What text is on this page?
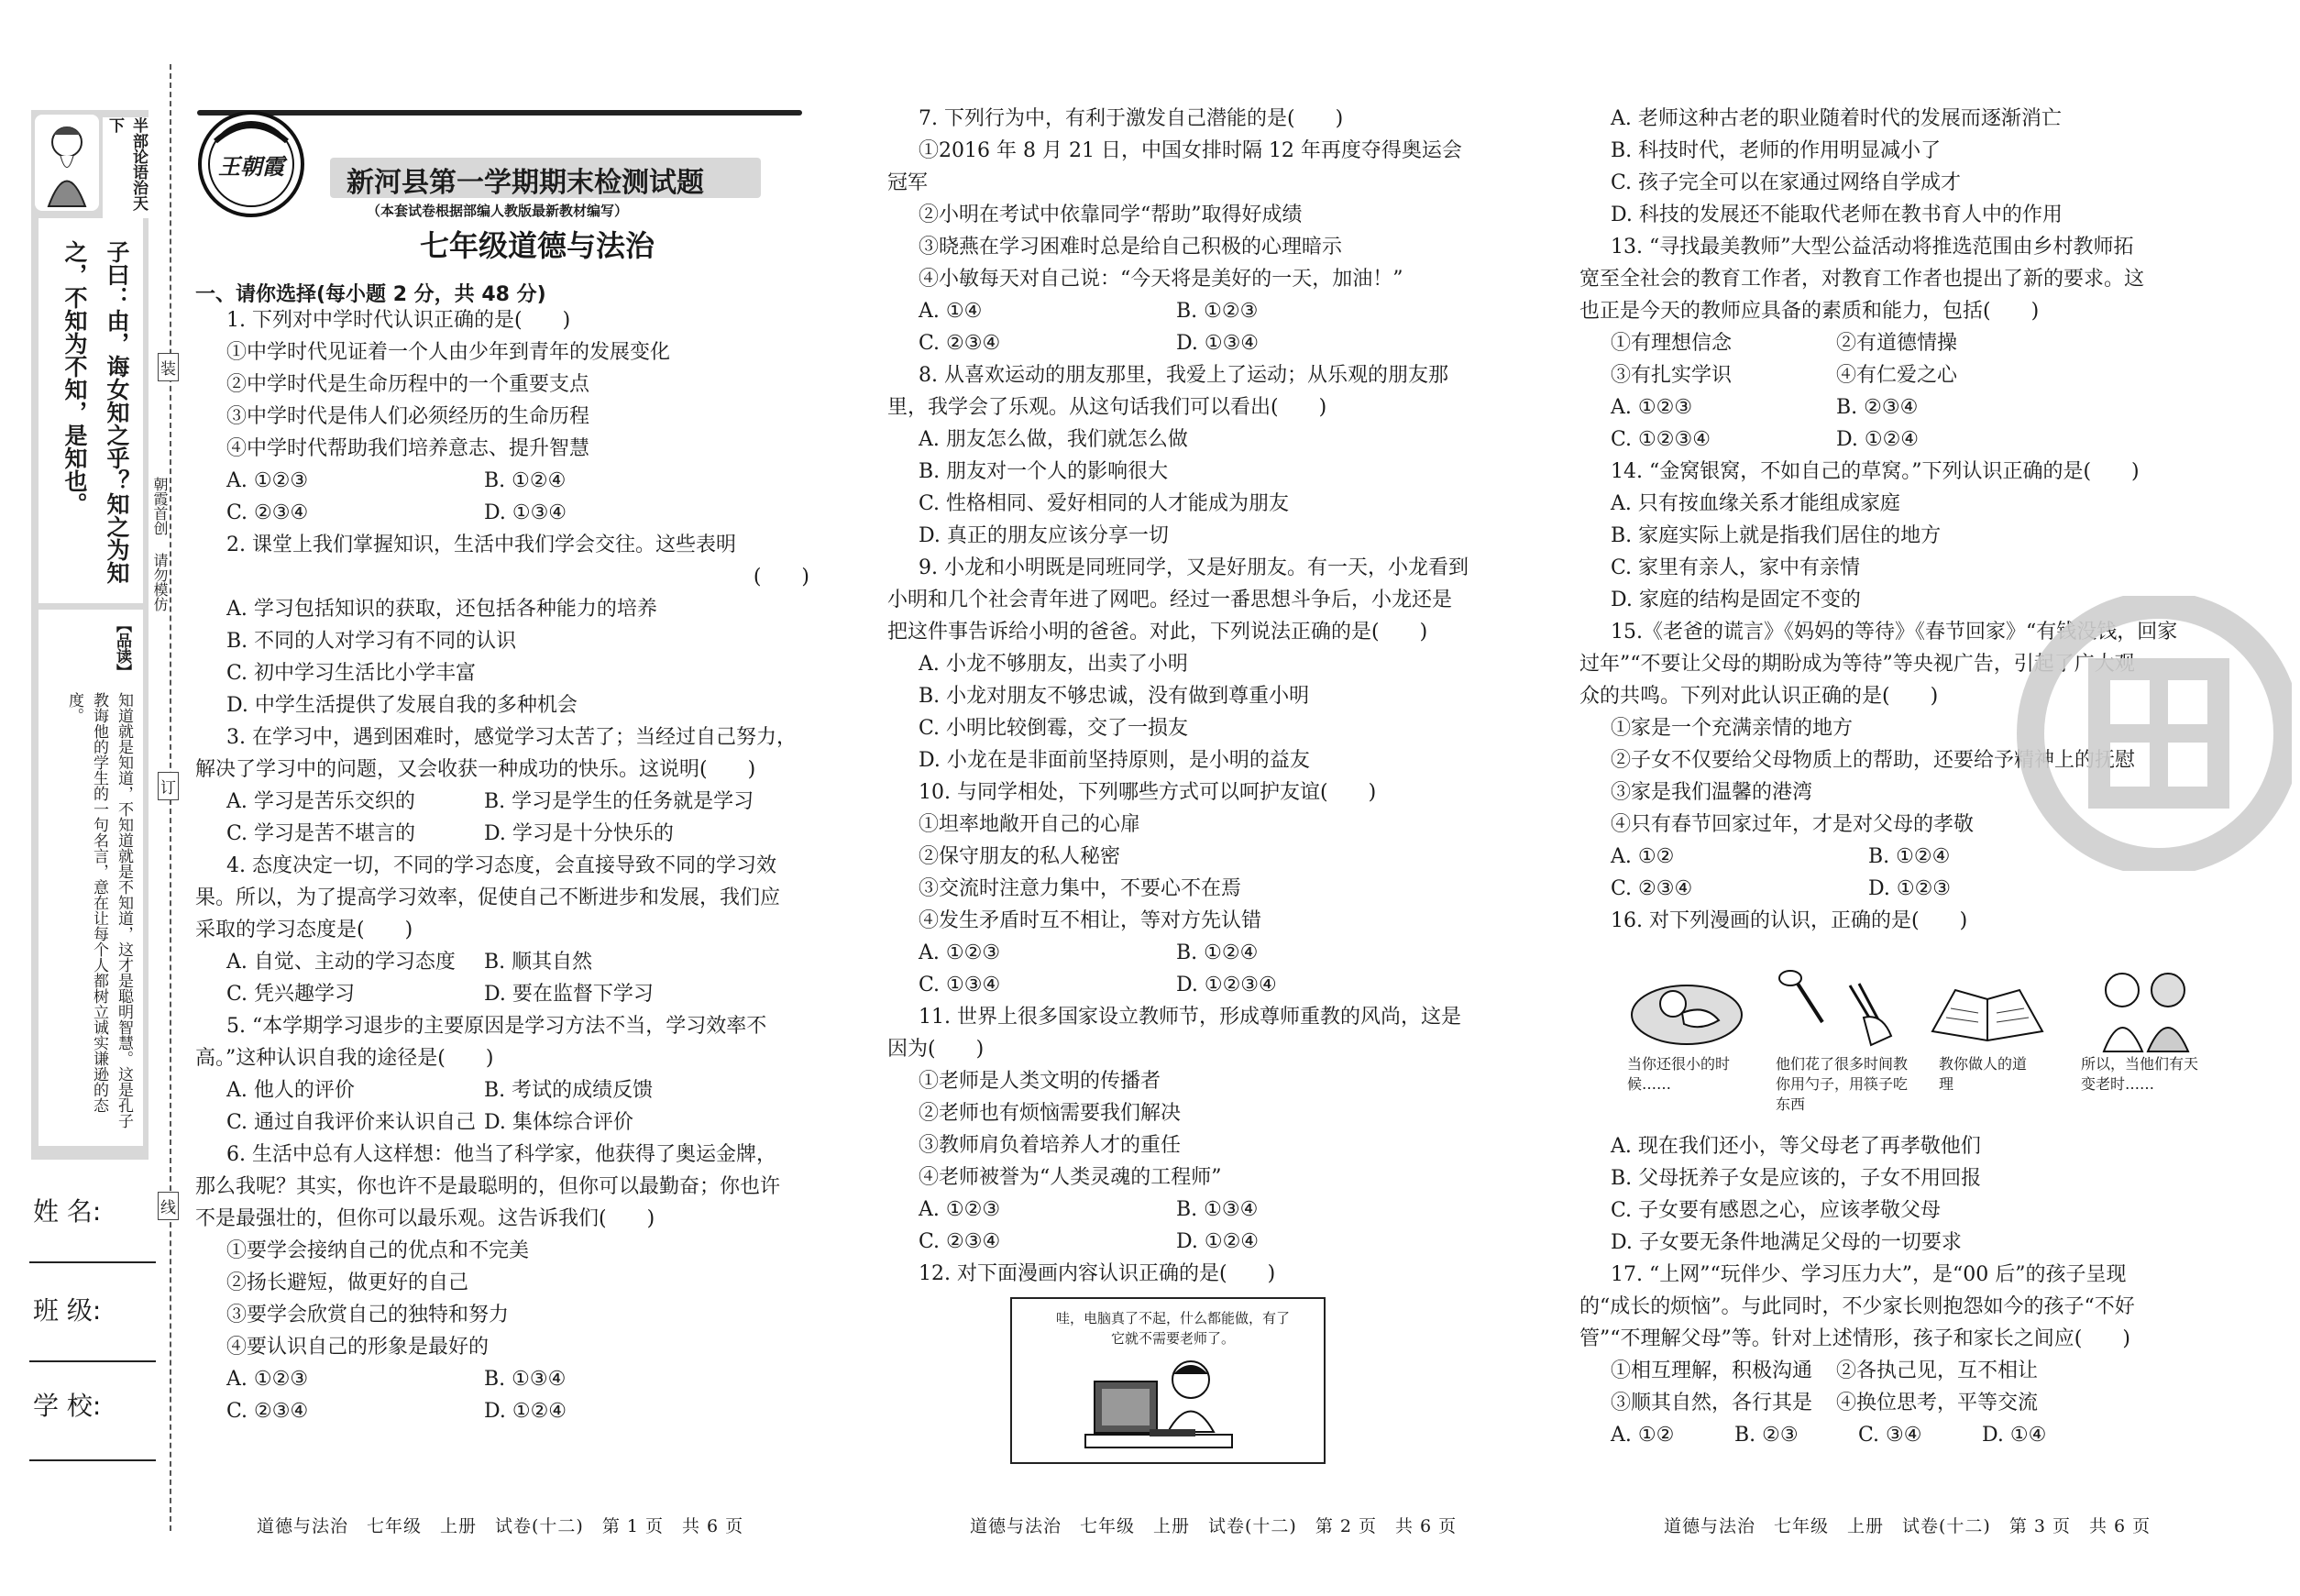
半部论语治天下
子曰：由，诲女知之乎？知之为知之，不知为不知，是知也。
【品读】
知道就是知道，不知道就是不知道，这才是聪明智慧。这是孔子教诲他的学生的一句名言，意在让每个人都树立诚实谦逊的态度。
姓 名:
班 级:
学 校:
装
订
线
朝霞首创 请勿模仿
王朝霞
新河县第一学期期末检测试题
（本套试卷根据部编人教版最新教材编写）
七年级道德与法治
一、请你选择(每小题 2 分，共 48 分)
1. 下列对中学时代认识正确的是(　　)
①中学时代见证着一个人由少年到青年的发展变化
②中学时代是生命历程中的一个重要支点
③中学时代是伟人们必须经历的生命历程
④中学时代帮助我们培养意志、提升智慧
A. ①②③	B. ①②④
C. ②③④	D. ①③④
2. 课堂上我们掌握知识，生活中我们学会交往。这些表明
(　　)
A. 学习包括知识的获取，还包括各种能力的培养
B. 不同的人对学习有不同的认识
C. 初中学习生活比小学丰富
D. 中学生活提供了发展自我的多种机会
3. 在学习中，遇到困难时，感觉学习太苦了；当经过自己努力，
解决了学习中的问题，又会收获一种成功的快乐。这说明(　　)
A. 学习是苦乐交织的	B. 学习是学生的任务就是学习
C. 学习是苦不堪言的	D. 学习是十分快乐的
4. 态度决定一切，不同的学习态度，会直接导致不同的学习效
果。所以，为了提高学习效率，促使自己不断进步和发展，我们应
采取的学习态度是(　　)
A. 自觉、主动的学习态度 B. 顺其自然
C. 凭兴趣学习	D. 要在监督下学习
5. “本学期学习退步的主要原因是学习方法不当，学习效率不
高。”这种认识自我的途径是(　　)
A. 他人的评价	B. 考试的成绩反馈
C. 通过自我评价来认识自己 D. 集体综合评价
6. 生活中总有人这样想：他当了科学家，他获得了奥运金牌，
那么我呢？其实，你也许不是最聪明的，但你可以最勤奋；你也许
不是最强壮的，但你可以最乐观。这告诉我们(　　)
①要学会接纳自己的优点和不完美
②扬长避短，做更好的自己
③要学会欣赏自己的独特和努力
④要认识自己的形象是最好的
A. ①②③	B. ①③④
C. ②③④	D. ①②④
7. 下列行为中，有利于激发自己潜能的是(　　)
①2016 年 8 月 21 日，中国女排时隔 12 年再度夺得奥运会
冠军
②小明在考试中依靠同学“帮助”取得好成绩
③晓燕在学习困难时总是给自己积极的心理暗示
④小敏每天对自己说：“今天将是美好的一天，加油！”
A. ①④	B. ①②③
C. ②③④	D. ①③④
8. 从喜欢运动的朋友那里，我爱上了运动；从乐观的朋友那
里，我学会了乐观。从这句话我们可以看出(　　)
A. 朋友怎么做，我们就怎么做
B. 朋友对一个人的影响很大
C. 性格相同、爱好相同的人才能成为朋友
D. 真正的朋友应该分享一切
9. 小龙和小明既是同班同学，又是好朋友。有一天，小龙看到
小明和几个社会青年进了网吧。经过一番思想斗争后，小龙还是
把这件事告诉给小明的爸爸。对此，下列说法正确的是(　　)
A. 小龙不够朋友，出卖了小明
B. 小龙对朋友不够忠诚，没有做到尊重小明
C. 小明比较倒霉，交了一损友
D. 小龙在是非面前坚持原则，是小明的益友
10. 与同学相处，下列哪些方式可以呵护友谊(　　)
①坦率地敞开自己的心扉
②保守朋友的私人秘密
③交流时注意力集中，不要心不在焉
④发生矛盾时互不相让，等对方先认错
A. ①②③	B. ①②④
C. ①③④	D. ①②③④
11. 世界上很多国家设立教师节，形成尊师重教的风尚，这是
因为(　　)
①老师是人类文明的传播者
②老师也有烦恼需要我们解决
③教师肩负着培养人才的重任
④老师被誉为“人类灵魂的工程师”
A. ①②③	B. ①③④
C. ②③④	D. ①②④
12. 对下面漫画内容认识正确的是(　　)
哇，电脑真了不起，什么都能做，有了它就不需要老师了。
A. 老师这种古老的职业随着时代的发展而逐渐消亡
B. 科技时代，老师的作用明显减小了
C. 孩子完全可以在家通过网络自学成才
D. 科技的发展还不能取代老师在教书育人中的作用
13. “寻找最美教师”大型公益活动将推选范围由乡村教师拓
宽至全社会的教育工作者，对教育工作者也提出了新的要求。这
也正是今天的教师应具备的素质和能力，包括(　　)
①有理想信念	②有道德情操
③有扎实学识	④有仁爱之心
A. ①②③	B. ②③④
C. ①②③④	D. ①②④
14. “金窝银窝，不如自己的草窝。”下列认识正确的是(　　)
A. 只有按血缘关系才能组成家庭
B. 家庭实际上就是指我们居住的地方
C. 家里有亲人，家中有亲情
D. 家庭的结构是固定不变的
15.《老爸的谎言》《妈妈的等待》《春节回家》“有钱没钱，回家
过年”“不要让父母的期盼成为等待”等央视广告，引起了广大观
众的共鸣。下列对此认识正确的是(　　)
①家是一个充满亲情的地方
②子女不仅要给父母物质上的帮助，还要给予精神上的抚慰
③家是我们温馨的港湾
④只有春节回家过年，才是对父母的孝敬
A. ①②	B. ①②④
C. ②③④	D. ①②③
16. 对下列漫画的认识，正确的是(　　)
当你还很小的时候……
他们花了很多时间教你用勺子，用筷子吃东西
教你做人的道理
所以，当他们有天变老时……
A. 现在我们还小，等父母老了再孝敬他们
B. 父母抚养子女是应该的，子女不用回报
C. 子女要有感恩之心，应该孝敬父母
D. 子女要无条件地满足父母的一切要求
17. “上网”“玩伴少、学习压力大”，是“00 后”的孩子呈现
的“成长的烦恼”。与此同时，不少家长则抱怨如今的孩子“不好
管”“不理解父母”等。针对上述情形，孩子和家长之间应(　　)
①相互理解，积极沟通 ②各执己见，互不相让
③顺其自然，各行其是 ④换位思考，平等交流
A. ①②	B. ②③	C. ③④	D. ①④
道德与法治　七年级　上册　试卷(十二)　第 1 页　共 6 页	道德与法治　七年级　上册　试卷(十二)　第 2 页　共 6 页	道德与法治　七年级　上册　试卷(十二)　第 3 页　共 6 页
